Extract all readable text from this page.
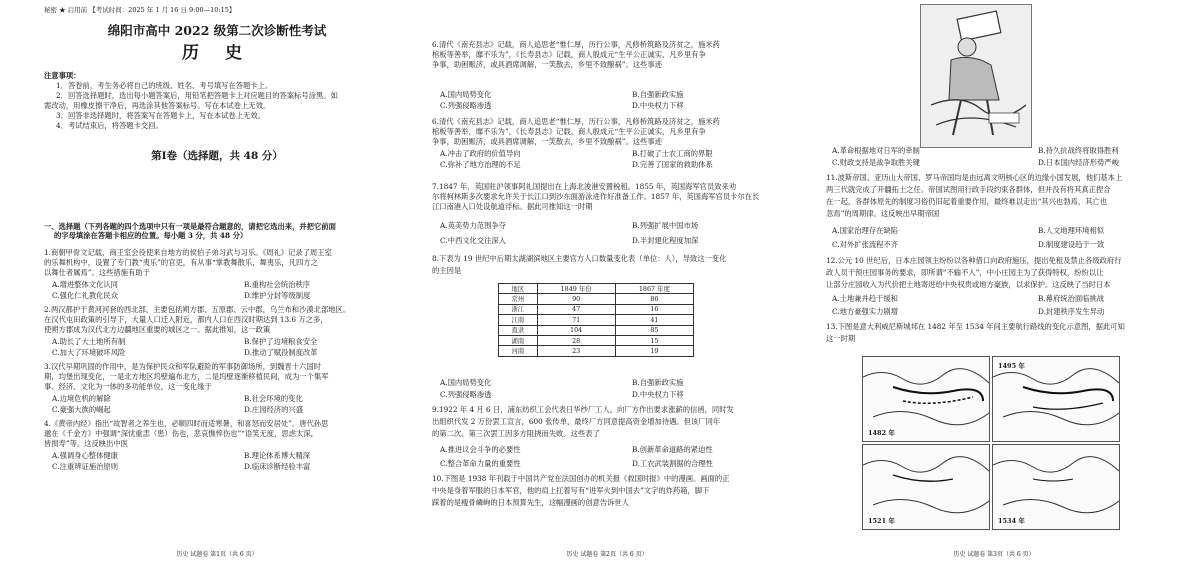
秘密 ★ 启用前 【考试时间：2025 年 1 月 16 日 9:00—10:15】
绵阳市高中 2022 级第二次诊断性考试
历 史
注意事项：
1．答卷前，考生务必将自己的班级、姓名、考号填写在答题卡上。
2．回答选择题时，选出每小题答案后，用铅笔把答题卡上对应题目的答案标号涂黑。如
需改动，用橡皮擦干净后，再选涂其他答案标号。写在本试卷上无效。
3．回答非选择题时，将答案写在答题卡上，写在本试卷上无效。
4．考试结束后，将答题卡交回。
第Ⅰ卷（选择题，共 48 分）
一、选择题（下列各题的四个选项中只有一项是最符合题意的，请把它选出来，并把它前面
的字母填涂在答题卡相应的位置。每小题 3 分，共 48 分）
1.商朝甲骨文记载，商王室会役使来自地方的侯伯子弟习武与习乐。《周礼》记录了周王室
的乐舞机构中，设置了专门教“夷乐”的官吏，有从事“掌教舞散乐，舞夷乐，凡四方之
以舞仕者属焉”。这些措施有助于
A.增进整体文化认同	B.重构社会统治秩序
C.强化仁礼教化民众	D.维护分封等级制度
2.两汉都护于黄河河套的西北部，主要包括朔方郡、五原郡、云中郡，乌兰布和沙漠北部地区。
在汉代屯田政策的引导下，大量人口迁入附近，都内人口在西汉时期达到 13.6 万之多，
使朔方郡成为汉代北方边疆地区重要的城区之一。据此推知，这一政策
A.助长了大土地所有制	B.保护了边境粮食安全
C.加大了环境破坏风险	D.推动了赋役制度改革
3.汉代早期巩固的作用中，是为保护民众和军队避险的军事防御场所，到魏晋十六国时
期，均堡出现变化，一是北方地区坞壁遍布北方，二是坞壁逐渐移植民间，成为一个集军
事、经济、文化为一体的多功能单位，这一变化缘于
A.边境危机的解除	B.社会环境的变化
C.豪强大族的崛起	D.庄园经济的兴盛
4.《黄帝内经》指出“故智者之养生也，必顺四时而适寒暑，和喜怒而安居处”。唐代孙思
邈在《千金方》中强调“深忧重恚（患）伤也，悲哀憔悴伤也”“语笑无度，思虑太深，
皆损寿”等。这反映出中医
A.强调身心整体健康	B.理论体系博大精深
C.注重辨证施治原则	D.临床诊断经验丰富
历史 试题卷 第1页（共 6 页）
6.清代《南充县志》记载，商人追思老“惟仁厚，历行公事，凡修桥筑路及济贫之，施米药
棺板等善举，靡不乐为”，《长寿县志》记载，商人殷成元“生平公正诚实，凡乡里有争
争事，助困赈济，或具酒席调解，一笑散去，乡里不致酿祸”。这些事迹
A.国内局势变化	B.自强新政实施
C.列强侵略渗透	D.中央权力下移
6.清代《南充县志》记载，商人追思老“惟仁厚，历行公事，凡修桥筑路及济贫之，施米药
棺板等善举，靡不乐为”，《长寿县志》记载，商人殷成元“生平公正诚实，凡乡里有争
争事，助困赈济，或具酒席调解，一笑散去，乡里不致酿祸”。这些事迹
A.冲击了政府的价值导向	B.打破了士农工商的界限
C.弥补了地方治理的不足	D.完善了国家的救助体系
7.1847 年，英国驻沪领事阿礼国提出在上海北浚港安置税租。1855 年，英国海军官员致来劝
尔将柯林斯多次要求允许关于长江口到沙东面游泳进作好准备工作。1857 年，英国海军官员卡尔在长
江口南港入口处设航道浮标。据此可推知这一时期
A.英美势力范围争夺	B.列强扩展中国市场
C.中西文化交往深入	D.半封建化程度加深
8.下表为 19 世纪中后期太湖湖滨地区主要官方人口数量变化表（单位：人），导致这一变化
的主因是
地区	1849 年份	1867 年度
常州	90	86
浙江	47	16
江南	71	41
直隶	104	85
湖南	28	15
河南	23	19
A.国内局势变化	B.自强新政实施
C.列强侵略渗透	D.中央权力下移
9.1922 年 4 月 6 日，浦东纺织工会代表日华纱厂工人，向厂方作出要求涨薪的信函，同时发
出组织代发 2 万份罢工宣言，600 张传单，最终厂方同意提高资金增加待遇。但该厂同年
的第二次、第三次罢工因多方阻挠而失败。这些表了
A.推进议会斗争的必要性	B.创新革命道路的紧迫性
C.整合革命力量的重要性	D.工农武装割据的合理性
10.下图是 1938 年刊载于中国共产党在法国创办的机关报《救国时报》中的漫画。画面的正
中央是身着军服的日本军官，他的肩上扛着写有“进军火到中国去”文字的炸药箱，脚下
踩着的是瘦骨嶙峋的日本预算先生，这幅漫画的创意告诉世人
历史 试题卷 第2页（共 6 页）
A.革命根据地对日军的牵制	B.持久抗战终将取得胜利
C.财政支持是战争取胜关键	D.日本国内经济形势严峻
11.波斯帝国、亚历山大帝国、罗马帝国均是由远离文明核心区的边缘小国发展，他们基本上
两三代就完成了开疆拓土之任。帝国试图用行政手段约束各群体，但并没有将其真正捏合
在一起，各群体原先的制度习俗仍旧起着重要作用，最终难以走出“其兴也勃焉，其亡也
忽焉”的周期律。这反映出早期帝国
A.国家治理存在缺陷	B.人文地理环境相似
C.对外扩张流程不齐	D.制度建设趋于一致
12.公元 10 世纪后，日本庄园领主纷纷以各种借口向政府施压，提出免租及禁止各级政府行
政人员干预庄园事务的要求，即所谓“不输不入”，中小庄园主为了获得特权，纷纷以让
让部分庄园收入为代价把土地寄进给中央权贵或地方豪族，以求保护。这反映了当时日本
A.土地兼并趋于缓和	B.幕府统治面临挑战
C.地方豪强实力剧增	D.封建秩序发生异动
13.下图是意大利威尼斯城邦在 1482 年至 1534 年间主要航行路线的变化示意图，据此可知
这一时期
1482 年
1495 年
1521 年	1534 年
历史 试题卷 第3页（共 6 页）
